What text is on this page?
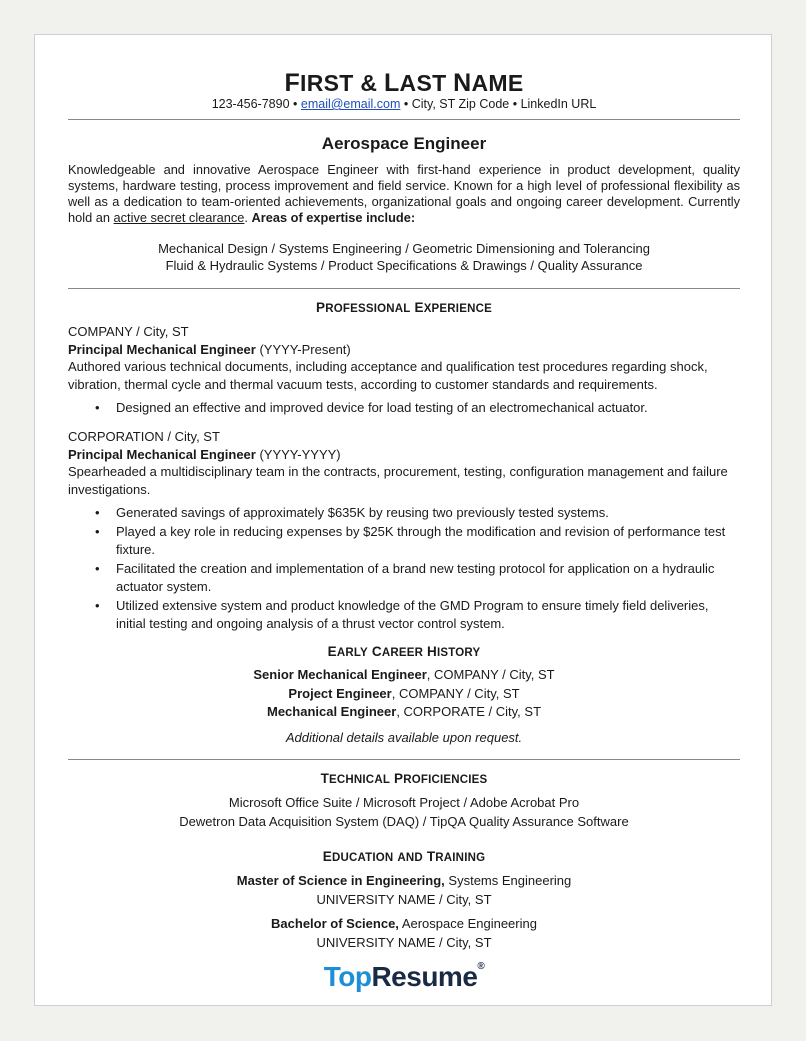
FIRST & LAST NAME
123-456-7890 • email@email.com • City, ST Zip Code • LinkedIn URL
Aerospace Engineer
Knowledgeable and innovative Aerospace Engineer with first-hand experience in product development, quality systems, hardware testing, process improvement and field service. Known for a high level of professional flexibility as well as a dedication to team-oriented achievements, organizational goals and ongoing career development. Currently hold an active secret clearance. Areas of expertise include:
Mechanical Design / Systems Engineering / Geometric Dimensioning and Tolerancing
Fluid & Hydraulic Systems / Product Specifications & Drawings / Quality Assurance
PROFESSIONAL EXPERIENCE
COMPANY / City, ST
Principal Mechanical Engineer (YYYY-Present)
Authored various technical documents, including acceptance and qualification test procedures regarding shock, vibration, thermal cycle and thermal vacuum tests, according to customer standards and requirements.
• Designed an effective and improved device for load testing of an electromechanical actuator.
CORPORATION / City, ST
Principal Mechanical Engineer (YYYY-YYYY)
Spearheaded a multidisciplinary team in the contracts, procurement, testing, configuration management and failure investigations.
• Generated savings of approximately $635K by reusing two previously tested systems.
• Played a key role in reducing expenses by $25K through the modification and revision of performance test fixture.
• Facilitated the creation and implementation of a brand new testing protocol for application on a hydraulic actuator system.
• Utilized extensive system and product knowledge of the GMD Program to ensure timely field deliveries, initial testing and ongoing analysis of a thrust vector control system.
EARLY CAREER HISTORY
Senior Mechanical Engineer, COMPANY / City, ST
Project Engineer, COMPANY / City, ST
Mechanical Engineer, CORPORATE / City, ST
Additional details available upon request.
TECHNICAL PROFICIENCIES
Microsoft Office Suite / Microsoft Project / Adobe Acrobat Pro
Dewetron Data Acquisition System (DAQ) / TipQA Quality Assurance Software
EDUCATION AND TRAINING
Master of Science in Engineering, Systems Engineering
UNIVERSITY NAME / City, ST
Bachelor of Science, Aerospace Engineering
UNIVERSITY NAME / City, ST
TopResume®
